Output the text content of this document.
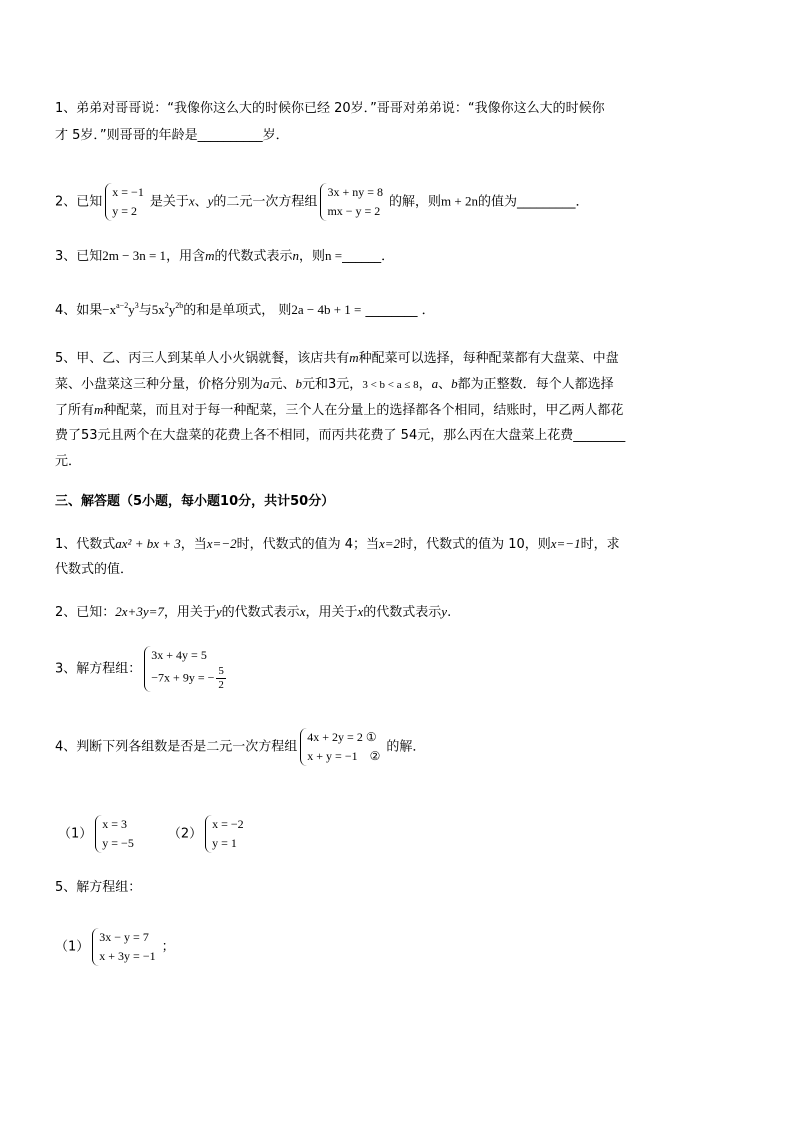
1、弟弟对哥哥说：“我像你这么大的时候你已经 20岁．”哥哥对弟弟说：“我像你这么大的时候你
才 5岁．”则哥哥的年龄是__________岁．
2、已知
x = −1
y = 2
是关于x、y的二元一次方程组
3x + ny = 8
mx − y = 2
的解，则m + 2n的值为_________．
3、已知2m − 3n = 1，用含m的代数式表示n，则n =______．
4、如果$-x^{a-2}y^3$与$5x^2y^{2b}$的和是单项式， 则2a − 4b + 1 = ________ ．
5、甲、乙、丙三人到某单人小火锅就餐，该店共有m种配菜可以选择，每种配菜都有大盘菜、中盘
菜、小盘菜这三种分量，价格分别为a元、b元和3元，3 < b < a ≤ 8，a、b都为正整数．每个人都选择
了所有m种配菜，而且对于每一种配菜，三个人在分量上的选择都各个相同，结账时，甲乙两人都花
费了53元且两个在大盘菜的花费上各不相同，而丙共花费了 54元，那么丙在大盘菜上花费________
元．
三、解答题（5小题，每小题10分，共计50分）
1、代数式ax² + bx + 3，当x=−2时，代数式的值为 4；当x=2时，代数式的值为 10，则x=−1时，求
代数式的值．
2、已知：2x+3y=7，用关于y的代数式表示x，用关于x的代数式表示y.
3、解方程组：
3x + 4y = 5
−7x + 9y = − $\frac{5}{2}$
4、判断下列各组数是否是二元一次方程组
4x + 2y = 2 ①
x + y = −1 ②
的解．
（1）
x = 3
y = −5
（2）
x = −2
y = 1
5、解方程组：
（1）
3x − y = 7
x + 3y = −1
；
